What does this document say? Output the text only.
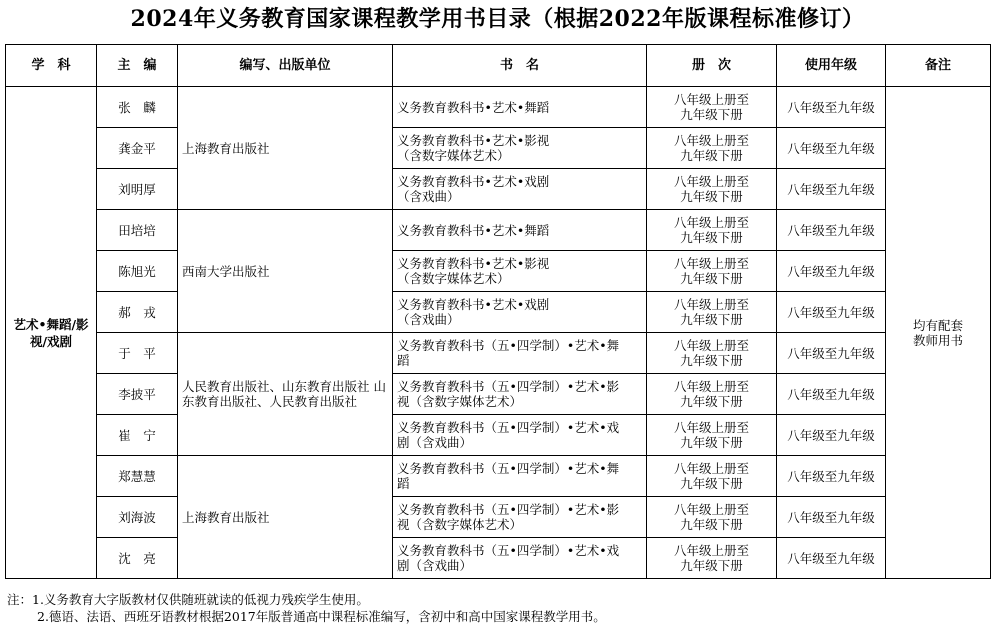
2024年义务教育国家课程教学用书目录（根据2022年版课程标准修订）
学　科	主　编	编写、出版单位	书　名	册　次	使用年级	备注
艺术•舞蹈/影视/戏剧	张　麟	上海教育出版社	义务教育教科书•艺术•舞蹈	八年级上册至
九年级下册	八年级至九年级	均有配套教师用书
	龚金平		义务教育教科书•艺术•影视
（含数字媒体艺术）	八年级上册至
九年级下册	八年级至九年级	
	刘明厚		义务教育教科书•艺术•戏剧
（含戏曲）	八年级上册至
九年级下册	八年级至九年级	
	田培培	西南大学出版社	义务教育教科书•艺术•舞蹈	八年级上册至
九年级下册	八年级至九年级	
	陈旭光		义务教育教科书•艺术•影视
（含数字媒体艺术）	八年级上册至
九年级下册	八年级至九年级	
	郝　戎		义务教育教科书•艺术•戏剧
（含戏曲）	八年级上册至
九年级下册	八年级至九年级	
	于　平	人民教育出版社、山东教育出版社 山东教育出版社、人民教育出版社	义务教育教科书（五•四学制）•艺术•舞
蹈	八年级上册至
九年级下册	八年级至九年级	
	李披平		义务教育教科书（五•四学制）•艺术•影
视（含数字媒体艺术）	八年级上册至
九年级下册	八年级至九年级	
	崔　宁		义务教育教科书（五•四学制）•艺术•戏
剧（含戏曲）	八年级上册至
九年级下册	八年级至九年级	
	郑慧慧	上海教育出版社	义务教育教科书（五•四学制）•艺术•舞
蹈	八年级上册至
九年级下册	八年级至九年级	
	刘海波		义务教育教科书（五•四学制）•艺术•影
视（含数字媒体艺术）	八年级上册至
九年级下册	八年级至九年级	
	沈　亮		义务教育教科书（五•四学制）•艺术•戏
剧（含戏曲）	八年级上册至
九年级下册	八年级至九年级	
注：1.义务教育大字版教材仅供随班就读的低视力残疾学生使用。
2.德语、法语、西班牙语教材根据2017年版普通高中课程标准编写，含初中和高中国家课程教学用书。
